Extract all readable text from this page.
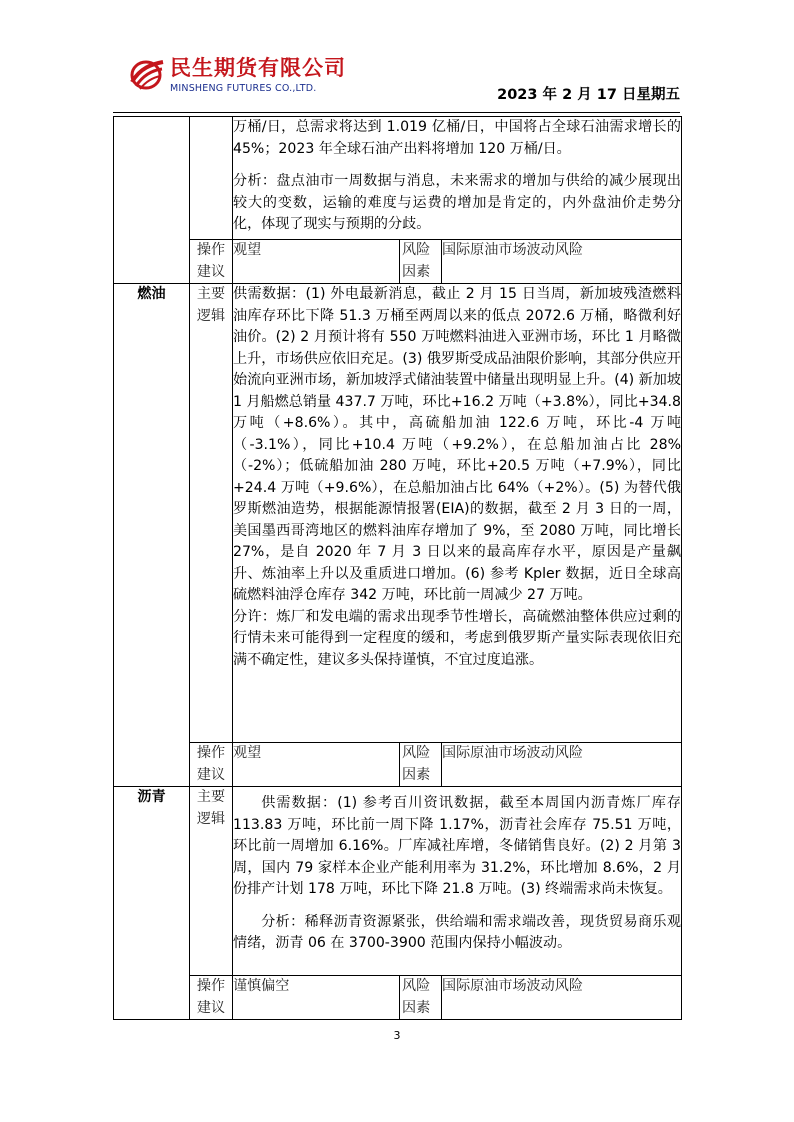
民生期货有限公司
MINSHENG FUTURES CO.,LTD.	2023 年 2 月 17 日星期五

		万桶/日，总需求将达到 1.019 亿桶/日，中国将占全球石油需求增长的 45%；2023 年全球石油产出料将增加 120 万桶/日。
分析：盘点油市一周数据与消息，未来需求的增加与供给的减少展现出较大的变数，运输的难度与运费的增加是肯定的，内外盘油价走势分化，体现了现实与预期的分歧。		

	操作建议	观望	风险因素	国际原油市场波动风险
燃油	主要逻辑	供需数据：(1) 外电最新消息，截止 2 月 15 日当周，新加坡残渣燃料油库存环比下降 51.3 万桶至两周以来的低点 2072.6 万桶，略微利好油价。(2) 2 月预计将有 550 万吨燃料油进入亚洲市场，环比 1 月略微上升，市场供应依旧充足。(3) 俄罗斯受成品油限价影响，其部分供应开始流向亚洲市场，新加坡浮式储油装置中储量出现明显上升。(4) 新加坡 1 月船燃总销量 437.7 万吨，环比+16.2 万吨（+3.8%），同比+34.8 万吨（+8.6%）。其中，高硫船加油 122.6 万吨，环比-4 万吨（-3.1%），同比+10.4 万吨（+9.2%），在总船加油占比 28%（-2%）；低硫船加油 280 万吨，环比+20.5 万吨（+7.9%），同比+24.4 万吨（+9.6%），在总船加油占比 64%（+2%）。(5) 为替代俄罗斯燃油造势，根据能源情报署(EIA)的数据，截至 2 月 3 日的一周，美国墨西哥湾地区的燃料油库存增加了 9%，至 2080 万吨，同比增长 27%，是自 2020 年 7 月 3 日以来的最高库存水平，原因是产量飙升、炼油率上升以及重质进口增加。(6) 参考 Kpler 数据，近日全球高硫燃料油浮仓库存 342 万吨，环比前一周减少 27 万吨。
分许：炼厂和发电端的需求出现季节性增长，高硫燃油整体供应过剩的行情未来可能得到一定程度的缓和，考虑到俄罗斯产量实际表现依旧充满不确定性，建议多头保持谨慎，不宜过度追涨。		

	操作建议	观望	风险因素	国际原油市场波动风险
沥青	主要逻辑	供需数据：(1) 参考百川资讯数据，截至本周国内沥青炼厂库存 113.83 万吨，环比前一周下降 1.17%，沥青社会库存 75.51 万吨，环比前一周增加 6.16%。厂库减社库增，冬储销售良好。(2) 2 月第 3 周，国内 79 家样本企业产能利用率为 31.2%，环比增加 8.6%，2 月份排产计划 178 万吨，环比下降 21.8 万吨。(3) 终端需求尚未恢复。
分析：稀释沥青资源紧张，供给端和需求端改善，现货贸易商乐观情绪，沥青 06 在 3700-3900 范围内保持小幅波动。		

	操作建议	谨慎偏空	风险因素	国际原油市场波动风险
3
